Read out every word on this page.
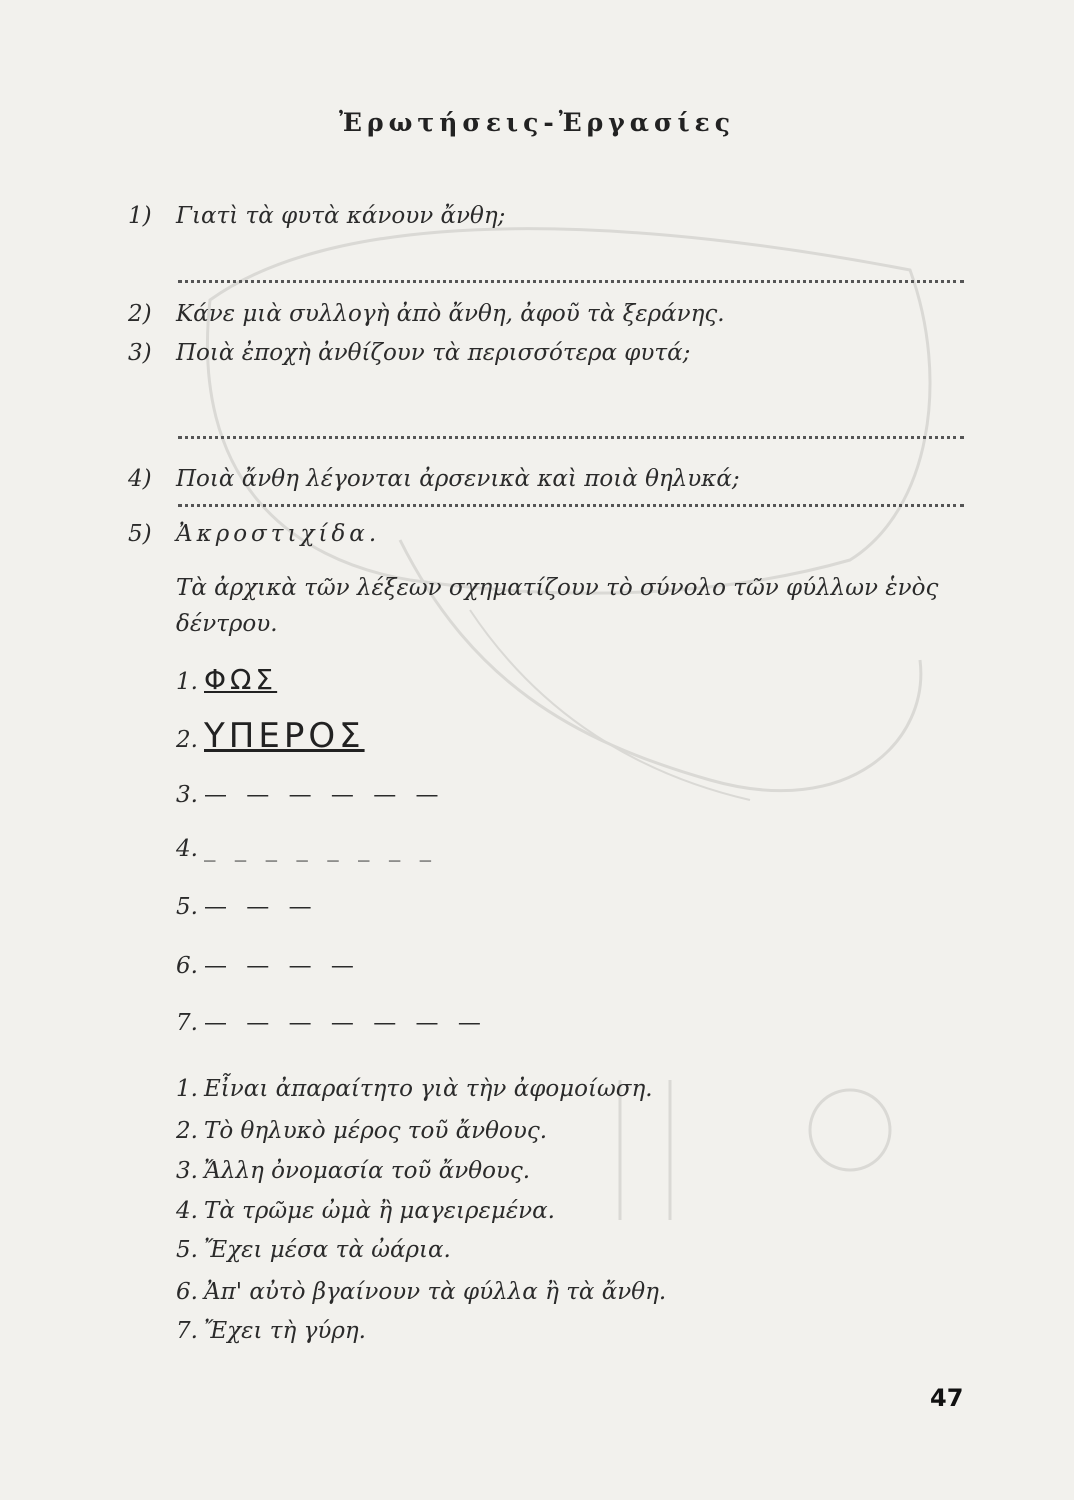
Ἐρωτήσεις-Ἐργασίες
1) Γιατὶ τὰ φυτὰ κάνουν ἄνθη;
2) Κάνε μιὰ συλλογὴ ἀπὸ ἄνθη, ἀφοῦ τὰ ξεράνης.
3) Ποιὰ ἐποχὴ ἀνθίζουν τὰ περισσότερα φυτά;
4) Ποιὰ ἄνθη λέγονται ἀρσενικὰ καὶ ποιὰ θηλυκά;
5) Ἀκροστιχίδα.
Τὰ ἀρχικὰ τῶν λέξεων σχηματίζουν τὸ σύνολο τῶν φύλλων ἑνὸς
δέντρου.
1. ΦΩΣ
2. ΥΠΕΡΟΣ
3. — — — — — —
4. _ _ _ _ _ _ _ _
5. — — —
6. — — — —
7. — — — — — — —
1. Εἶναι ἀπαραίτητο γιὰ τὴν ἀφομοίωση.
2. Τὸ θηλυκὸ μέρος τοῦ ἄνθους.
3. Ἄλλη ὀνομασία τοῦ ἄνθους.
4. Τὰ τρῶμε ὠμὰ ἢ μαγειρεμένα.
5. Ἔχει μέσα τὰ ὠάρια.
6. Ἀπ' αὐτὸ βγαίνουν τὰ φύλλα ἢ τὰ ἄνθη.
7. Ἔχει τὴ γύρη.
47
